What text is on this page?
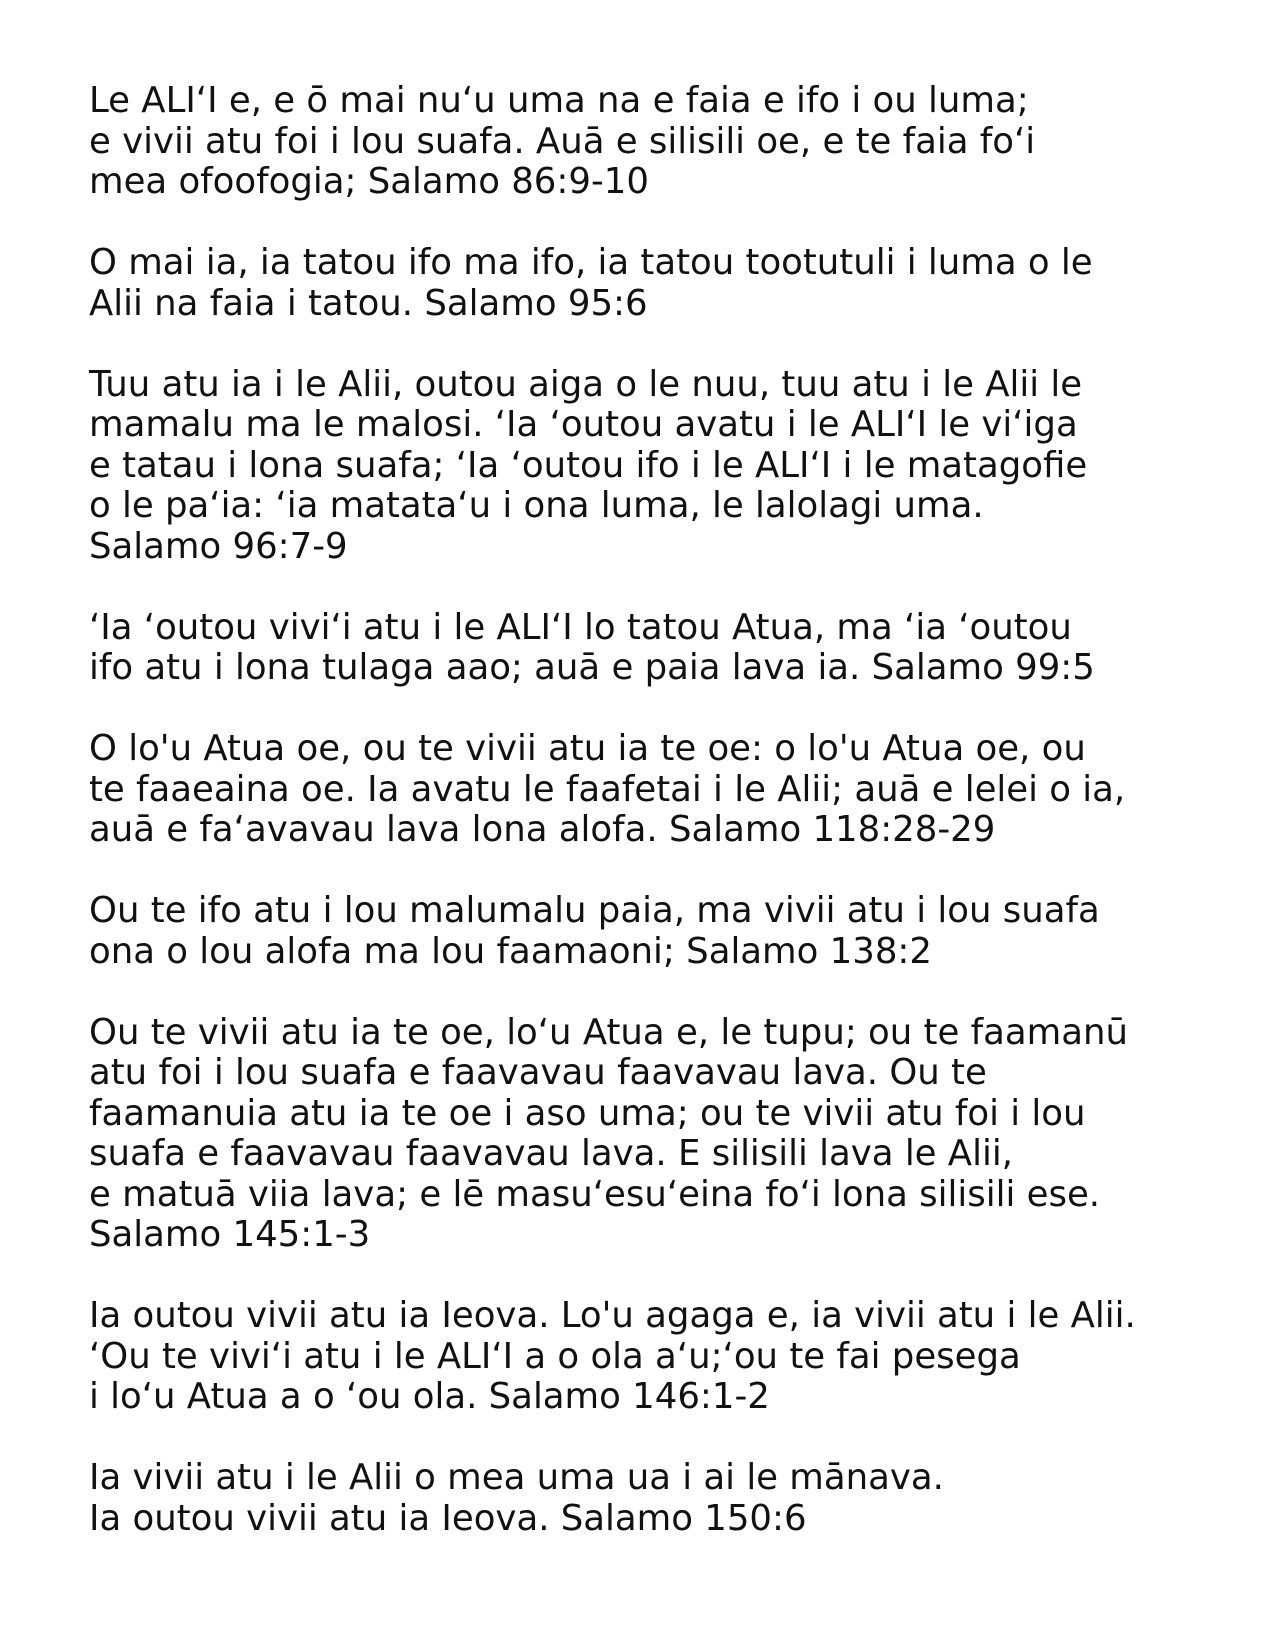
Le ALIʻI e, e ō mai nuʻu uma na e faia e ifo i ou luma;
e vivii atu foi i lou suafa. Auā e silisili oe, e te faia foʻi
mea ofoofogia; Salamo 86:9-10
O mai ia, ia tatou ifo ma ifo, ia tatou tootutuli i luma o le
Alii na faia i tatou. Salamo 95:6
Tuu atu ia i le Alii, outou aiga o le nuu, tuu atu i le Alii le
mamalu ma le malosi. ʻIa ʻoutou avatu i le ALIʻI le viʻiga
e tatau i lona suafa; ʻIa ʻoutou ifo i le ALIʻI i le matagofie
o le paʻia: ʻia matataʻu i ona luma, le lalolagi uma.
Salamo 96:7-9
ʻIa ʻoutou viviʻi atu i le ALIʻI lo tatou Atua, ma ʻia ʻoutou
ifo atu i lona tulaga aao; auā e paia lava ia. Salamo 99:5
O lo'u Atua oe, ou te vivii atu ia te oe: o lo'u Atua oe, ou
te faaeaina oe. Ia avatu le faafetai i le Alii; auā e lelei o ia,
auā e faʻavavau lava lona alofa. Salamo 118:28-29
Ou te ifo atu i lou malumalu paia, ma vivii atu i lou suafa
ona o lou alofa ma lou faamaoni; Salamo 138:2
Ou te vivii atu ia te oe, loʻu Atua e, le tupu; ou te faamanū
atu foi i lou suafa e faavavau faavavau lava. Ou te
faamanuia atu ia te oe i aso uma; ou te vivii atu foi i lou
suafa e faavavau faavavau lava. E silisili lava le Alii,
e matuā viia lava; e lē masuʻesuʻeina foʻi lona silisili ese.
Salamo 145:1-3
Ia outou vivii atu ia Ieova. Lo'u agaga e, ia vivii atu i le Alii.
ʻOu te viviʻi atu i le ALIʻI a o ola aʻu;ʻou te fai pesega
i loʻu Atua a o ʻou ola. Salamo 146:1-2
Ia vivii atu i le Alii o mea uma ua i ai le mānava.
Ia outou vivii atu ia Ieova. Salamo 150:6
